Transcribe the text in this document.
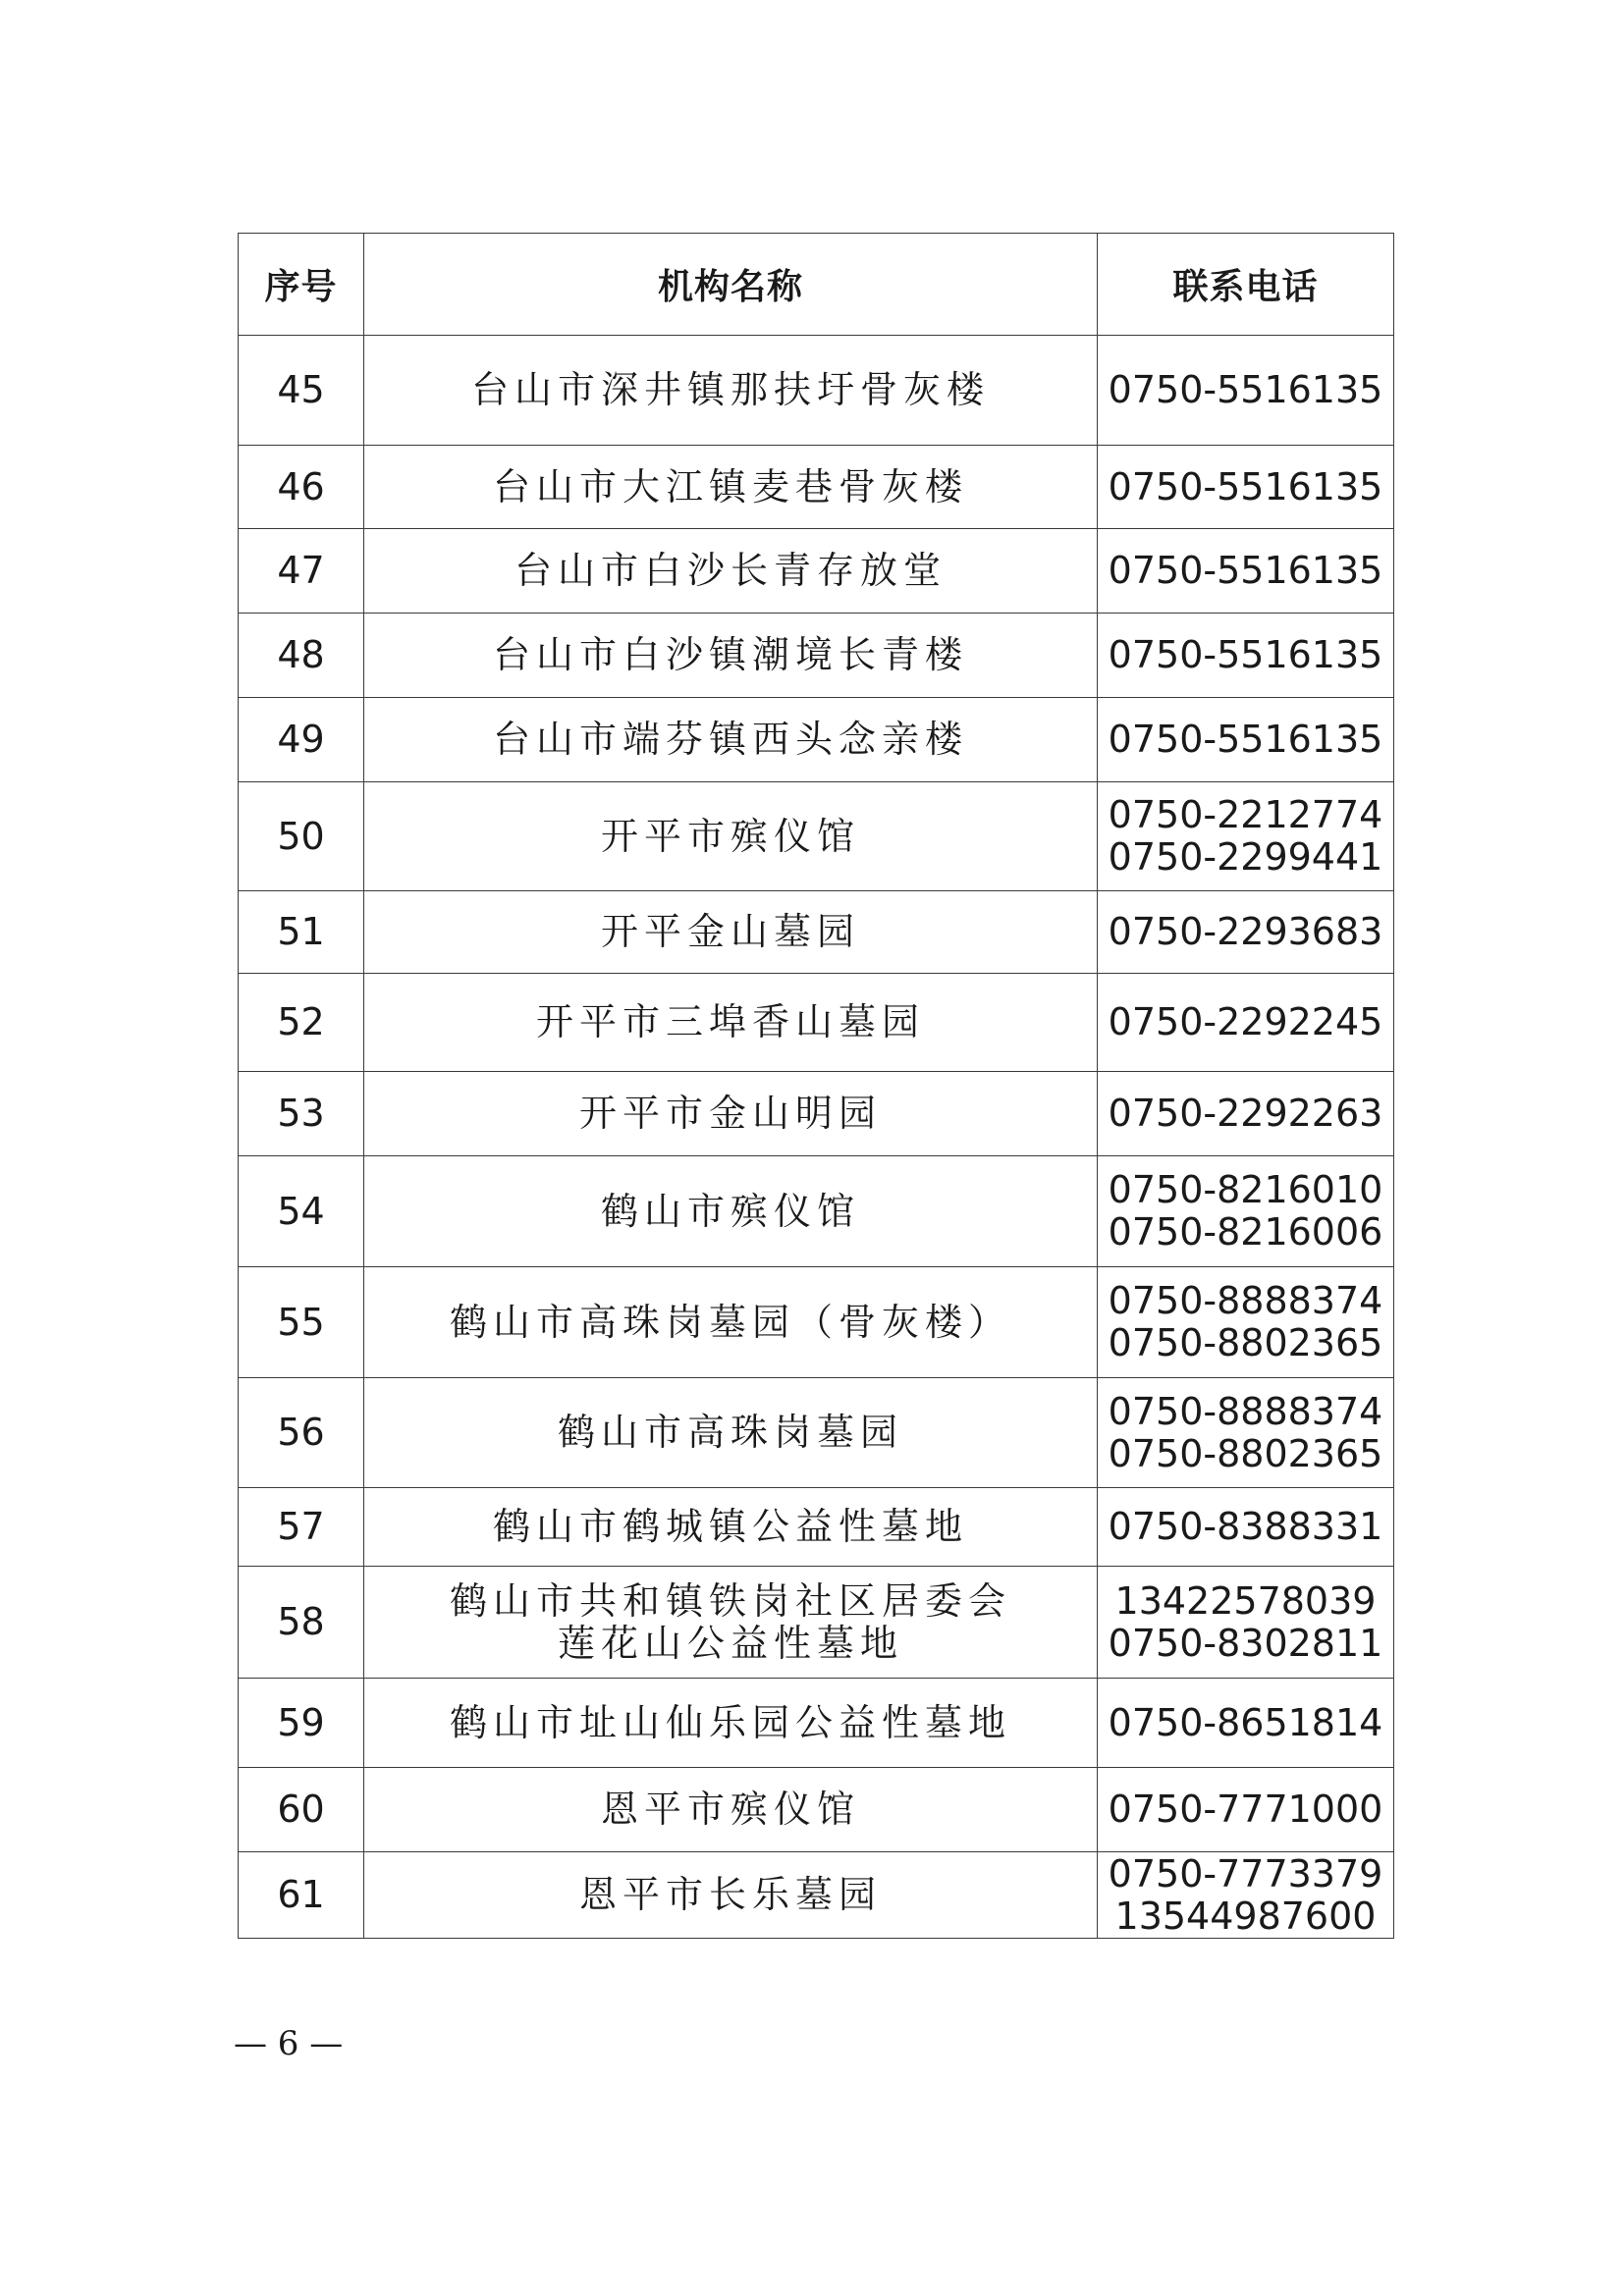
序号	机构名称	联系电话
45	台山市深井镇那扶圩骨灰楼	0750-5516135

46	台山市大江镇麦巷骨灰楼	0750-5516135

47	台山市白沙长青存放堂	0750-5516135

48	台山市白沙镇潮境长青楼	0750-5516135

49	台山市端芬镇西头念亲楼	0750-5516135

50	开平市殡仪馆	0750-2212774
0750-2299441

51	开平金山墓园	0750-2293683

52	开平市三埠香山墓园	0750-2292245

53	开平市金山明园	0750-2292263

54	鹤山市殡仪馆	0750-8216010
0750-8216006

55	鹤山市高珠岗墓园（骨灰楼）	0750-8888374
0750-8802365

56	鹤山市高珠岗墓园	0750-8888374
0750-8802365

57	鹤山市鹤城镇公益性墓地	0750-8388331

58	鹤山市共和镇铁岗社区居委会
莲花山公益性墓地	13422578039
0750-8302811

59	鹤山市址山仙乐园公益性墓地	0750-8651814

60	恩平市殡仪馆	0750-7771000

61	恩平市长乐墓园	0750-7773379
13544987600
— 6 —
